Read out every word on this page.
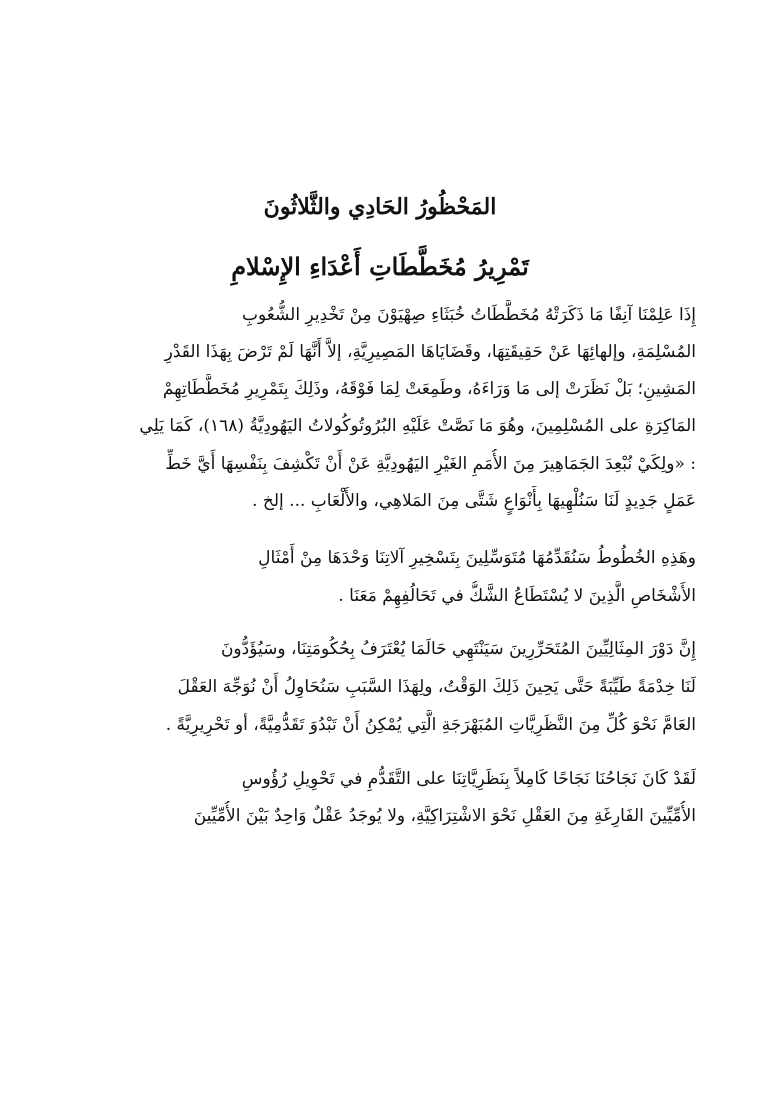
المَحْظُورُ الحَادِي والثَّلاثُونَ
تَمْرِيرُ مُخَطَّطَاتِ أَعْدَاءِ الإِسْلامِ

إِذَا عَلِمْنَا آنِفًا مَا ذَكَرَتْهُ مُخَطَّطَاتُ خُبَثَاءِ صِهْيَوْنَ مِنْ تَخْدِيرِ الشُّعُوبِ

المُسْلِمَةِ، وإلهائِهَا عَنْ حَقِيقَتِهَا، وقَضَايَاهَا المَصِيرِيَّةِ، إلاَّ أَنَّهَا لَمْ تَرْضَ بِهَذَا القَدْرِ

المَشِينِ؛ بَلْ نَظَرَتْ إلى مَا وَرَاءَهُ، وطَمِعَتْ لِمَا فَوْقَهُ، وذَلِكَ بِتَمْرِيرِ مُخَطَّطَاتِهِمْ

المَاكِرَةِ على المُسْلِمِينَ، وهُوَ مَا نَصَّتْ عَلَيْهِ البُرُوتُوكُولاتُ اليَهُودِيَّةُ (١٦٨)، كَمَا يَلِي

: «ولِكَيْ نُبْعِدَ الجَمَاهِيرَ مِنَ الأُمَمِ الغَيْرِ اليَهُودِيَّةِ عَنْ أَنْ تَكْشِفَ بِنَفْسِهَا أَيَّ خَطِّ

عَمَلٍ جَدِيدٍ لَنَا سَنُلْهِيهَا بِأَنْوَاعٍ شَتَّى مِنَ المَلاهِي، والأَلْعَابِ ... إلخ .

وهَذِهِ الخُطُوطُ سَنُقَدِّمُهَا مُتَوَسِّلِينَ بِتَسْخِيرِ آلاتِنَا وَحْدَهَا مِنْ أَمْثَالِ

الأَشْخَاصِ الَّذِينَ لا يُسْتَطَاعُ الشَّكُّ في تَحَالُفِهِمْ مَعَنَا .

إِنَّ دَوْرَ المِثَالِيِّينَ المُتَحَرِّرِينَ سَيَنْتَهِي حَالَمَا يُعْتَرَفُ بِحُكُومَتِنَا، وسَيُؤَدُّونَ

لَنَا خِدْمَةً طَيِّبَةً حَتَّى يَحِينَ ذَلِكَ الوَقْتُ، ولِهَذَا السَّبَبِ سَنُحَاوِلُ أَنْ نُوَجِّهَ العَقْلَ

العَامَّ نَحْوَ كُلِّ مِنَ النَّظَرِيَّاتِ المُبَهْرَجَةِ الَّتِي يُمْكِنُ أَنْ تَبْدُوَ تَقَدُّمِيَّةً، أو تَحْرِيرِيَّةً .

لَقَدْ كَانَ نَجَاحُنَا نَجَاحًا كَامِلاً بِنَظَرِيَّاتِنَا على التَّقَدُّمِ في تَحْوِيلِ رُؤُوسِ

الأُمِّيِّينَ الفَارِغَةِ مِنَ العَقْلِ نَحْوَ الاشْتِرَاكِيَّةِ، ولا يُوجَدُ عَقْلٌ وَاحِدٌ بَيْنَ الأُمِّيِّينَ
